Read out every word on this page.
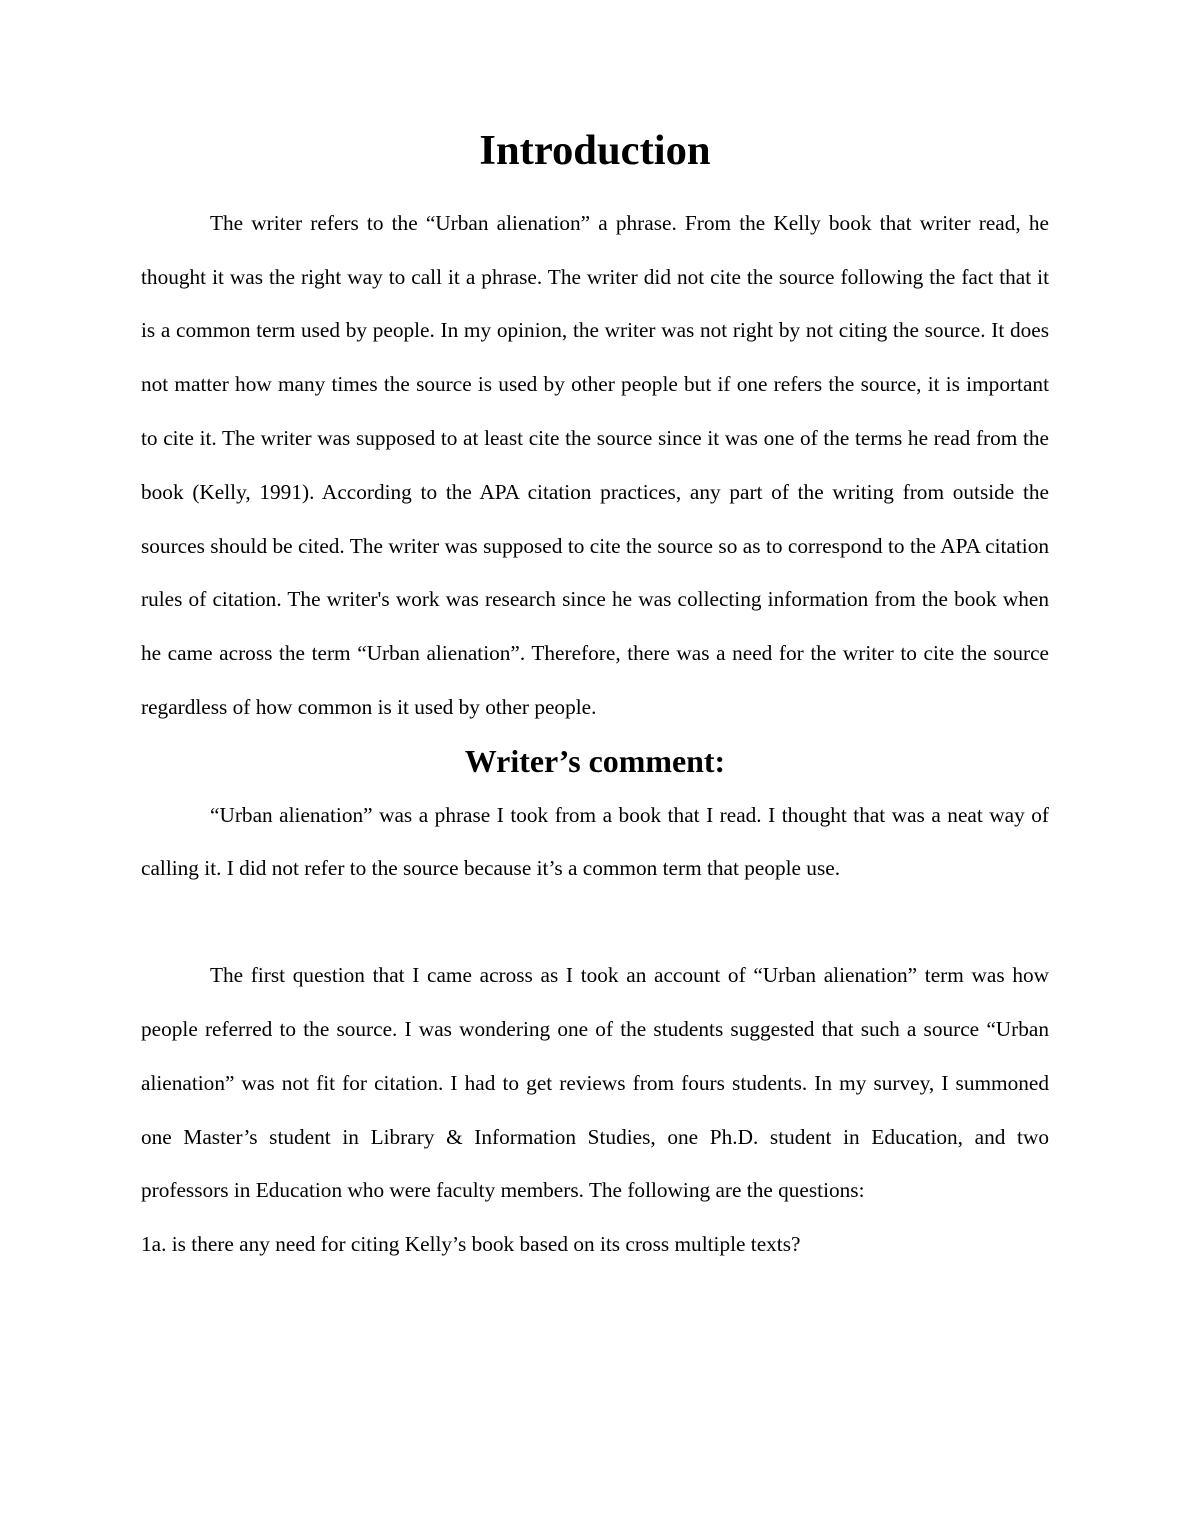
Introduction

The writer refers to the “Urban alienation” a phrase. From the Kelly book that writer read, he thought it was the right way to call it a phrase. The writer did not cite the source following the fact that it is a common term used by people. In my opinion, the writer was not right by not citing the source. It does not matter how many times the source is used by other people but if one refers the source, it is important to cite it. The writer was supposed to at least cite the source since it was one of the terms he read from the book (Kelly, 1991). According to the APA citation practices, any part of the writing from outside the sources should be cited. The writer was supposed to cite the source so as to correspond to the APA citation rules of citation. The writer's work was research since he was collecting information from the book when he came across the term “Urban alienation”. Therefore, there was a need for the writer to cite the source regardless of how common is it used by other people.

Writer’s comment:

“Urban alienation” was a phrase I took from a book that I read. I thought that was a neat way of calling it. I did not refer to the source because it’s a common term that people use.

The first question that I came across as I took an account of “Urban alienation” term was how people referred to the source. I was wondering one of the students suggested that such a source “Urban alienation” was not fit for citation. I had to get reviews from fours students. In my survey, I summoned one Master’s student in Library & Information Studies, one Ph.D. student in Education, and two professors in Education who were faculty members. The following are the questions:

1a. is there any need for citing Kelly’s book based on its cross multiple texts?
